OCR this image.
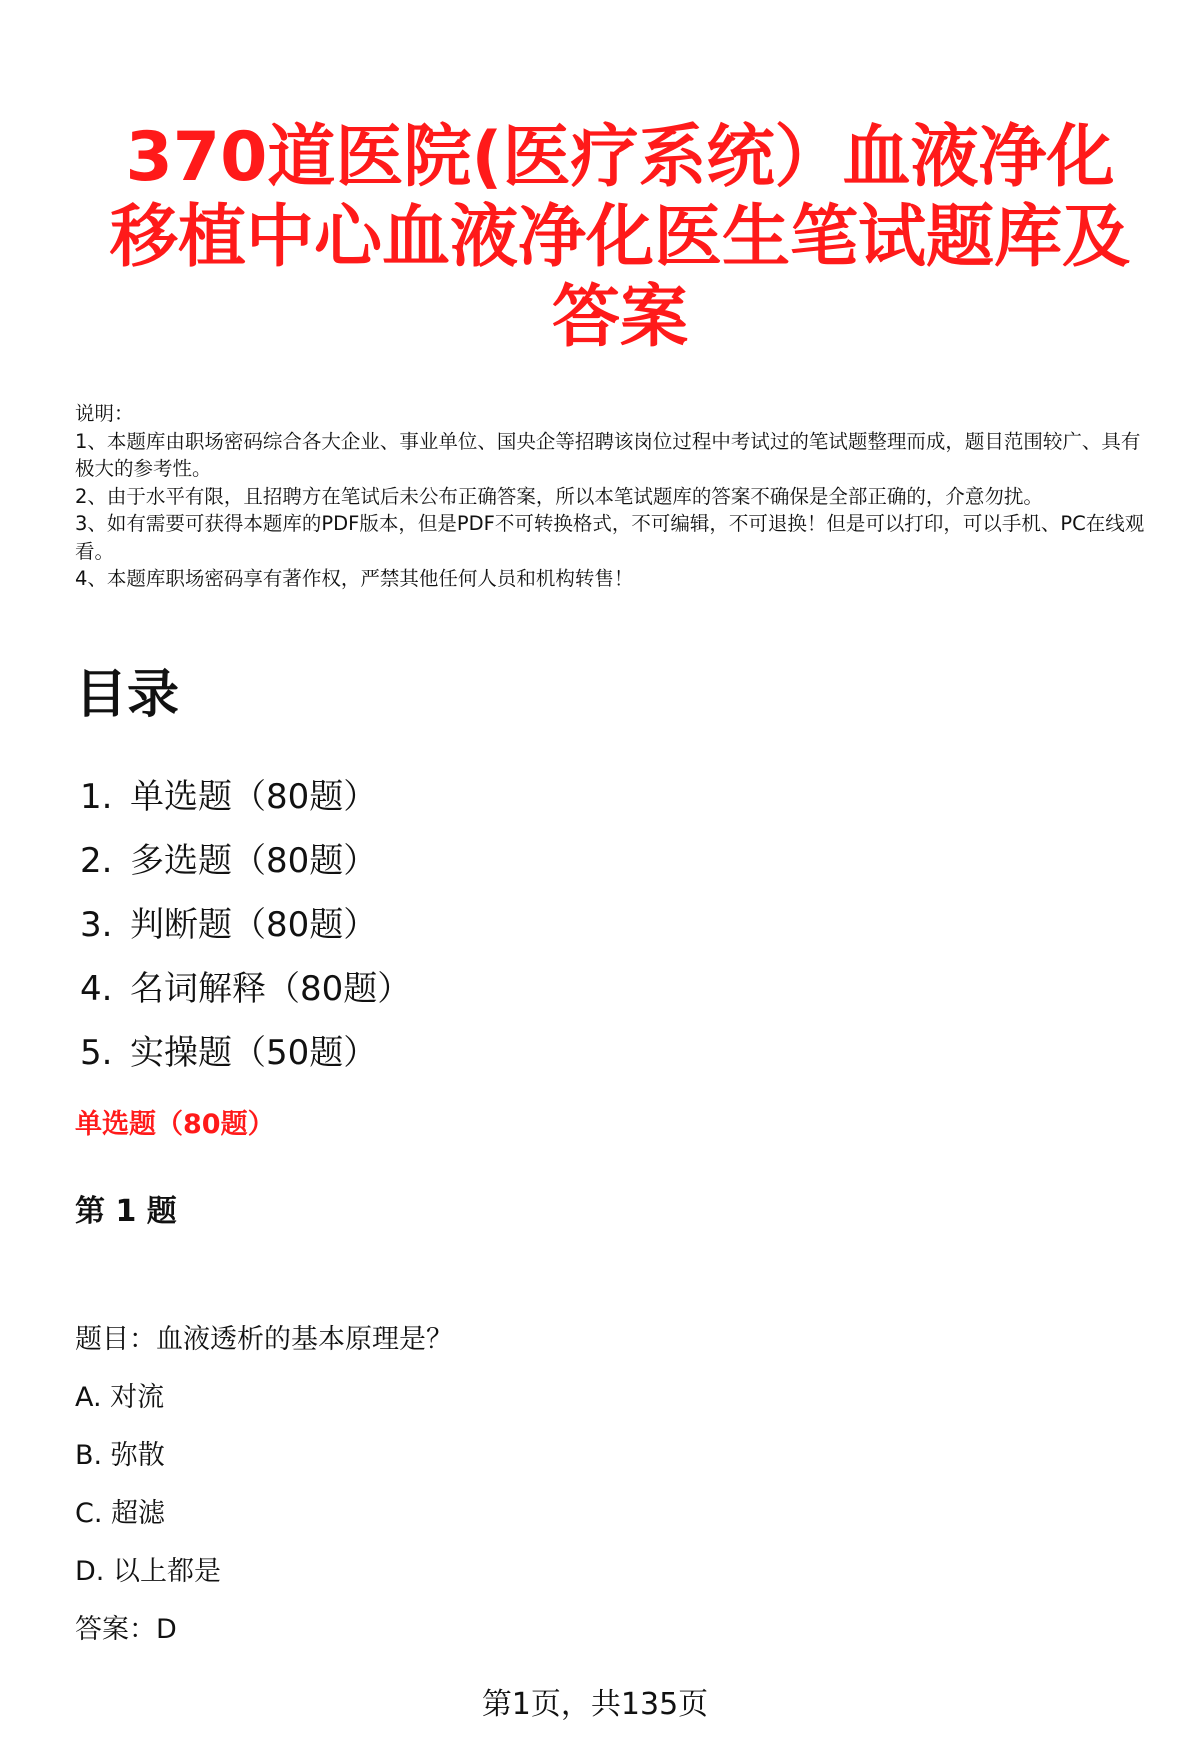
370道医院(医疗系统）血液净化移植中心血液净化医生笔试题库及答案

说明：

1、本题库由职场密码综合各大企业、事业单位、国央企等招聘该岗位过程中考试过的笔试题整理而成，题目范围较广、具有极大的参考性。

2、由于水平有限，且招聘方在笔试后未公布正确答案，所以本笔试题库的答案不确保是全部正确的，介意勿扰。

3、如有需要可获得本题库的PDF版本，但是PDF不可转换格式，不可编辑，不可退换！但是可以打印，可以手机、PC在线观看。

4、本题库职场密码享有著作权，严禁其他任何人员和机构转售！

目录
1. 单选题（80题）
2. 多选题（80题）
3. 判断题（80题）
4. 名词解释（80题）
5. 实操题（50题）
单选题（80题）
第 1 题

题目：血液透析的基本原理是？

A. 对流

B. 弥散

C. 超滤

D. 以上都是

答案：D

第1页，共135页
